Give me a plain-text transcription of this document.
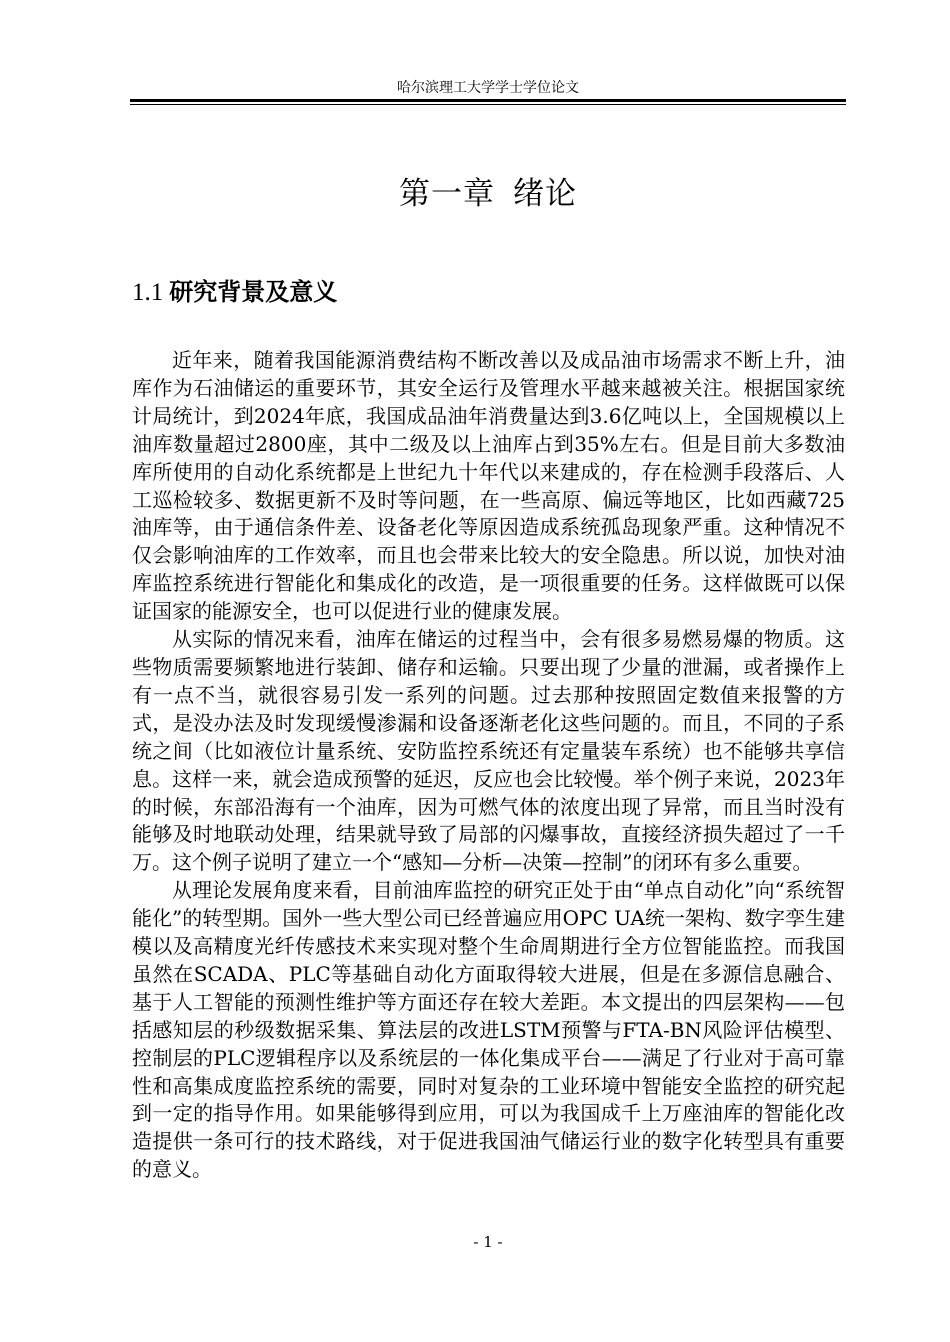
哈尔滨理工大学学士学位论文
第一章 绪论
1.1 研究背景及意义

近年来，随着我国能源消费结构不断改善以及成品油市场需求不断上升，油库作为石油储运的重要环节，其安全运行及管理水平越来越被关注。根据国家统计局统计，到2024年底，我国成品油年消费量达到3.6亿吨以上，全国规模以上油库数量超过2800座，其中二级及以上油库占到35%左右。但是目前大多数油库所使用的自动化系统都是上世纪九十年代以来建成的，存在检测手段落后、人工巡检较多、数据更新不及时等问题，在一些高原、偏远等地区，比如西藏725油库等，由于通信条件差、设备老化等原因造成系统孤岛现象严重。这种情况不仅会影响油库的工作效率，而且也会带来比较大的安全隐患。所以说，加快对油库监控系统进行智能化和集成化的改造，是一项很重要的任务。这样做既可以保证国家的能源安全，也可以促进行业的健康发展。

从实际的情况来看，油库在储运的过程当中，会有很多易燃易爆的物质。这些物质需要频繁地进行装卸、储存和运输。只要出现了少量的泄漏，或者操作上有一点不当，就很容易引发一系列的问题。过去那种按照固定数值来报警的方式，是没办法及时发现缓慢渗漏和设备逐渐老化这些问题的。而且，不同的子系统之间（比如液位计量系统、安防监控系统还有定量装车系统）也不能够共享信息。这样一来，就会造成预警的延迟，反应也会比较慢。举个例子来说，2023年的时候，东部沿海有一个油库，因为可燃气体的浓度出现了异常，而且当时没有能够及时地联动处理，结果就导致了局部的闪爆事故，直接经济损失超过了一千万。这个例子说明了建立一个“感知—分析—决策—控制”的闭环有多么重要。

从理论发展角度来看，目前油库监控的研究正处于由“单点自动化”向“系统智能化”的转型期。国外一些大型公司已经普遍应用OPC UA统一架构、数字孪生建模以及高精度光纤传感技术来实现对整个生命周期进行全方位智能监控。而我国虽然在SCADA、PLC等基础自动化方面取得较大进展，但是在多源信息融合、基于人工智能的预测性维护等方面还存在较大差距。本文提出的四层架构——包括感知层的秒级数据采集、算法层的改进LSTM预警与FTA-BN风险评估模型、控制层的PLC逻辑程序以及系统层的一体化集成平台——满足了行业对于高可靠性和高集成度监控系统的需要，同时对复杂的工业环境中智能安全监控的研究起到一定的指导作用。如果能够得到应用，可以为我国成千上万座油库的智能化改造提供一条可行的技术路线，对于促进我国油气储运行业的数字化转型具有重要的意义。

- 1 -
